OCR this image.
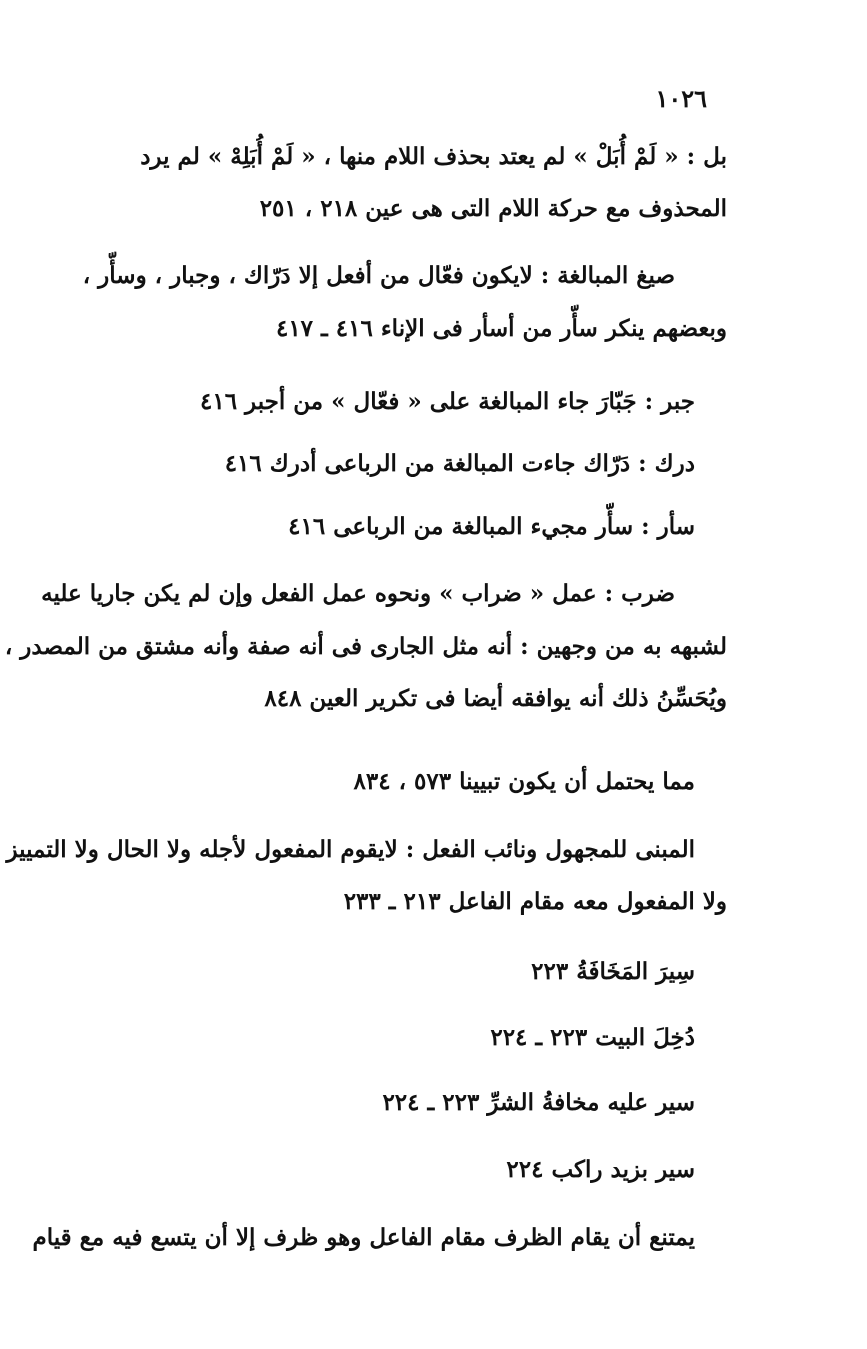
١٠٢٦
بل : « لَمْ أُبَلْ » لم يعتد بحذف اللام منها ، « لَمْ أُبَلِهْ » لم يرد
المحذوف مع حركة اللام التى هى عين ٢١٨ ، ٢٥١
صيغ المبالغة : لايكون فعّال من أفعل إلا دَرّاك ، وجبار ، وسأّر ،
وبعضهم ينكر سأّر من أسأر فى الإناء ٤١٦ ـ ٤١٧
جبر : جَبّارَ جاء المبالغة على « فعّال » من أجبر ٤١٦
درك : دَرّاك جاءت المبالغة من الرباعى أدرك ٤١٦
سأر : سأّر مجيء المبالغة من الرباعى ٤١٦
ضرب : عمل « ضراب » ونحوه عمل الفعل وإن لم يكن جاريا عليه
لشبهه به من وجهين : أنه مثل الجارى فى أنه صفة وأنه مشتق من المصدر ،
ويُحَسِّنُ ذلك أنه يوافقه أيضا فى تكرير العين ٨٤٨
مما يحتمل أن يكون تبيينا ٥٧٣ ، ٨٣٤
المبنى للمجهول ونائب الفعل : لايقوم المفعول لأجله ولا الحال ولا التمييز
ولا المفعول معه مقام الفاعل ٢١٣ ـ ٢٣٣
سِيرَ المَخَافَةُ ٢٢٣
دُخِلَ البيت ٢٢٣ ـ ٢٢٤
سير عليه مخافةُ الشرِّ ٢٢٣ ـ ٢٢٤
سير بزيد راكب ٢٢٤
يمتنع أن يقام الظرف مقام الفاعل وهو ظرف إلا أن يتسع فيه مع قيام
